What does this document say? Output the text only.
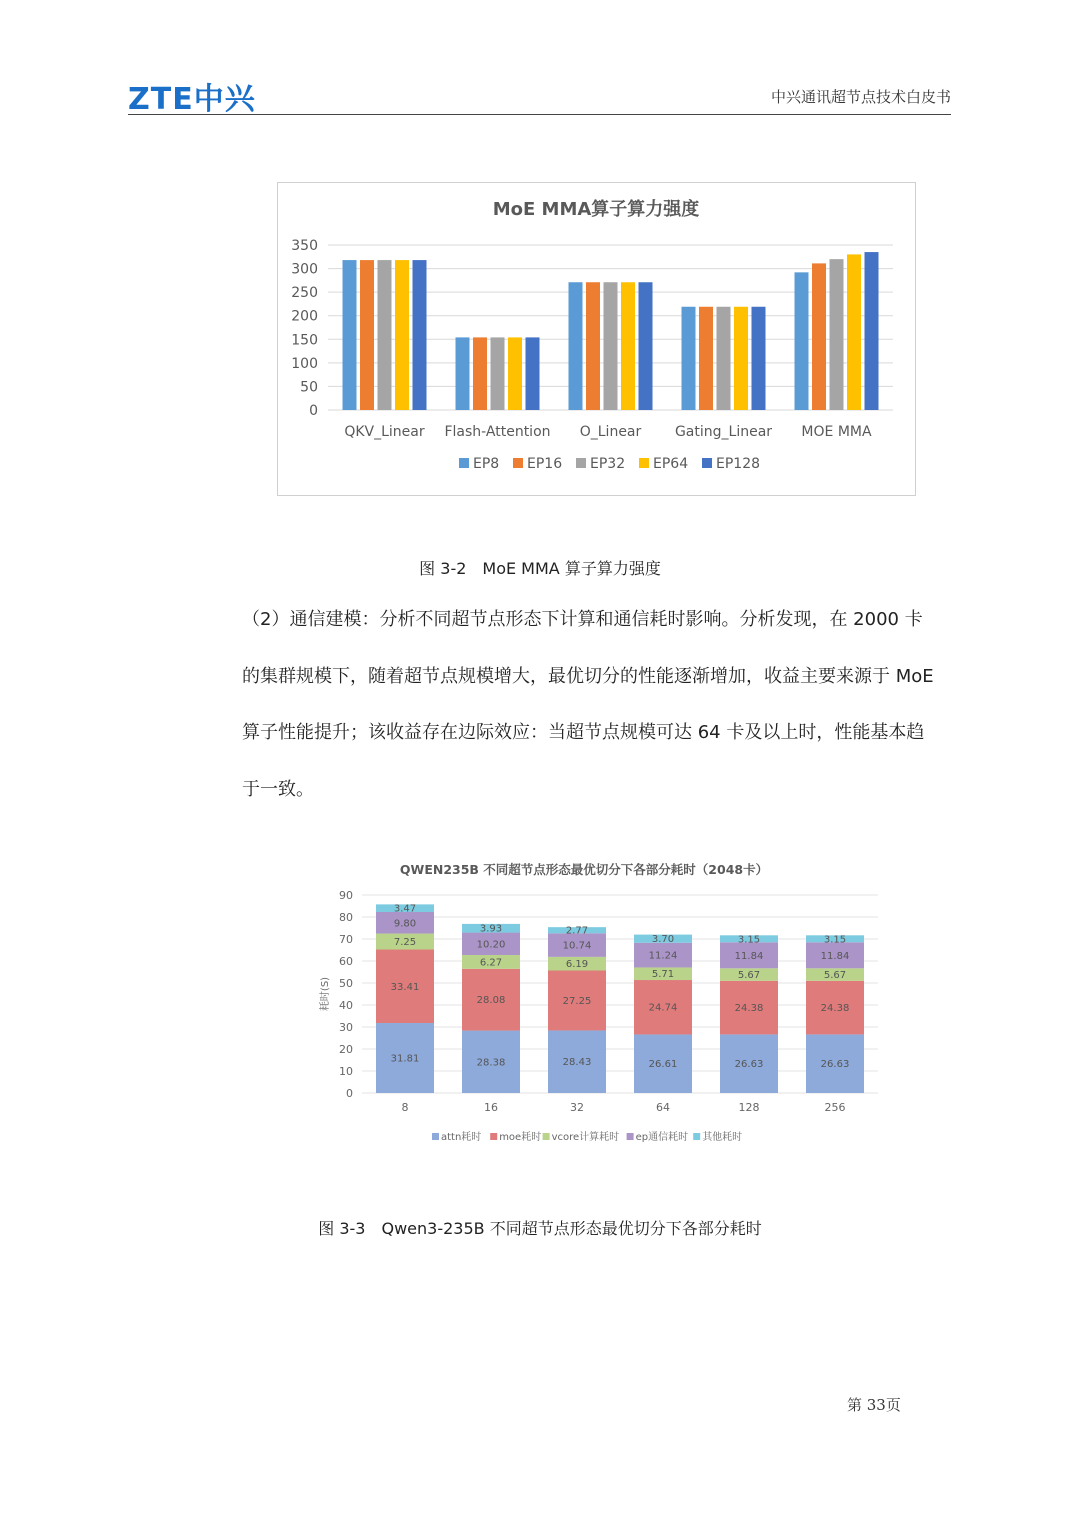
ZTE中兴	中兴通讯超节点技术白皮书
MoE MMA算子算力强度
0
50
100
150
200
250
300
350
QKV_Linear Flash-Attention O_Linear Gating_Linear MOE MMA
EP8 EP16 EP32 EP64 EP128
图 3-2　MoE MMA 算子算力强度
（2）通信建模：分析不同超节点形态下计算和通信耗时影响。分析发现，在 2000 卡
的集群规模下，随着超节点规模增大，最优切分的性能逐渐增加，收益主要来源于 MoE
算子性能提升；该收益存在边际效应：当超节点规模可达 64 卡及以上时，性能基本趋
于一致。
QWEN235B 不同超节点形态最优切分下各部分耗时（2048卡）
0
10
20
30
40
50
60
70
80
90
耗时(S)
31.81
33.41
7.25
9.80
3.47
8
28.38
28.08
6.27
10.20
3.93
16
28.43
27.25
6.19
10.74
2.77
32
26.61
24.74
5.71
11.24
3.70
64
26.63
24.38
5.67
11.84
3.15
128
26.63
24.38
5.67
11.84
3.15
256
attn耗时 moe耗时 vcore计算耗时 ep通信耗时 其他耗时
图 3-3　Qwen3-235B 不同超节点形态最优切分下各部分耗时
第 33页
